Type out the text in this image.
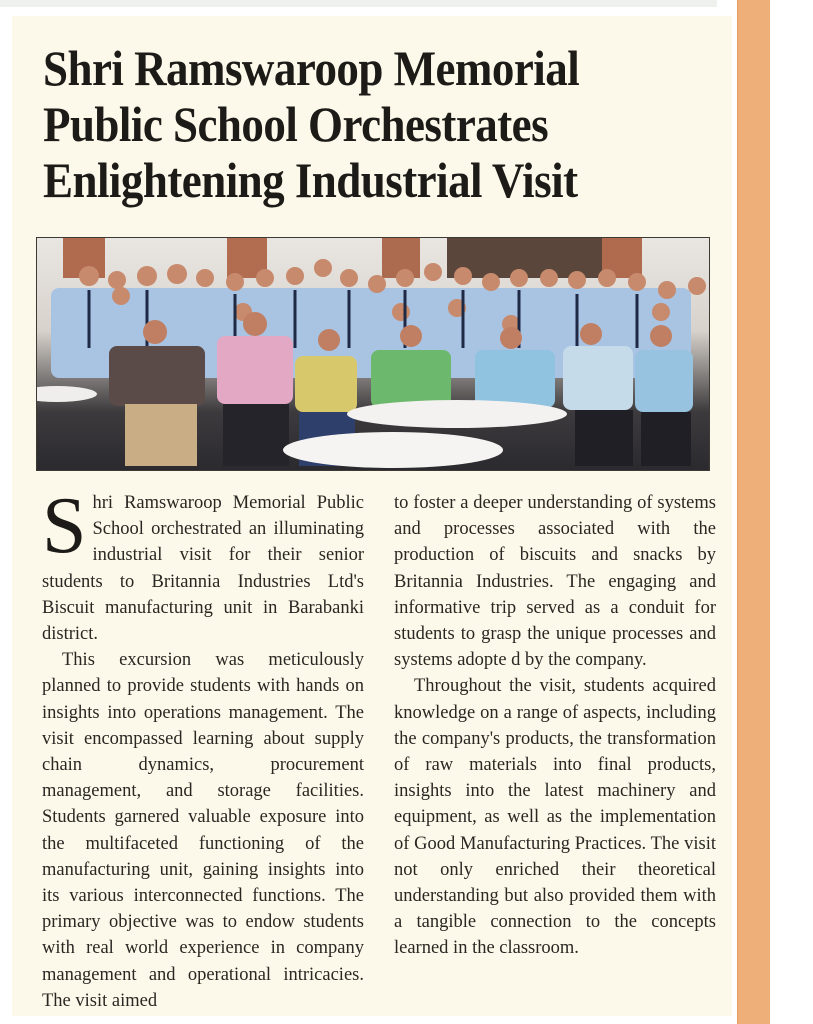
Shri Ramswaroop Memorial
Public School Orchestrates
Enlightening Industrial Visit

Shri Ramswaroop Memorial Public School orchestrated an illuminating industrial visit for their senior students to Britannia Industries Ltd's Biscuit manufacturing unit in Barabanki district.

This excursion was meticulously planned to provide students with hands on insights into operations management. The visit encompassed learning about supply chain dynamics, procurement management, and storage facilities. Students garnered valuable exposure into the multifaceted functioning of the manufacturing unit, gaining insights into its various interconnected functions. The primary objective was to endow students with real world experience in company management and operational intricacies. The visit aimed

to foster a deeper understanding of systems and processes associated with the production of biscuits and snacks by Britannia Industries. The engaging and informative trip served as a conduit for students to grasp the unique processes and systems adopte d by the company.

Throughout the visit, students acquired knowledge on a range of aspects, including the company's products, the transformation of raw materials into final products, insights into the latest machinery and equipment, as well as the implementation of Good Manufacturing Practices. The visit not only enriched their theoretical understanding but also provided them with a tangible connection to the concepts learned in the classroom.
